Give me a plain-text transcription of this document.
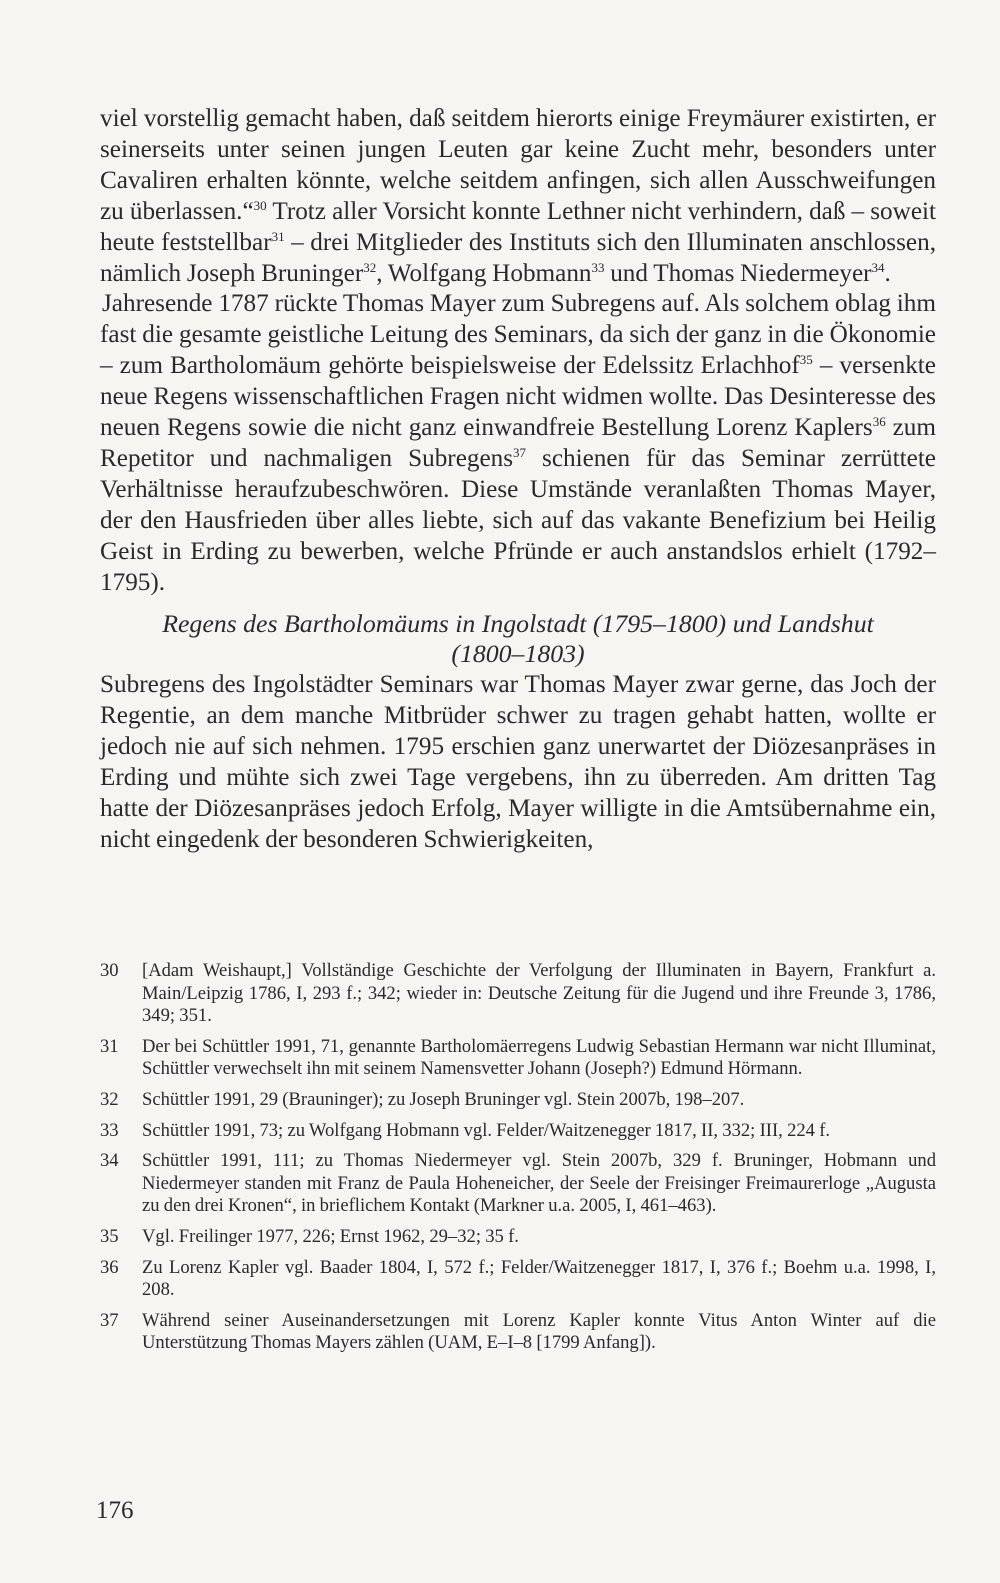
viel vorstellig gemacht haben, daß seitdem hierorts einige Freymäurer existirten, er seinerseits unter seinen jungen Leuten gar keine Zucht mehr, besonders unter Cavaliren erhalten könnte, welche seitdem anfingen, sich allen Ausschweifungen zu überlassen.“$^{30}$ Trotz aller Vorsicht konnte Lethner nicht verhindern, daß – soweit heute feststellbar$^{31}$ – drei Mitglieder des Instituts sich den Illuminaten anschlossen, nämlich Joseph Bruninger$^{32}$, Wolfgang Hobmann$^{33}$ und Thomas Niedermeyer$^{34}$.

Jahresende 1787 rückte Thomas Mayer zum Subregens auf. Als solchem oblag ihm fast die gesamte geistliche Leitung des Seminars, da sich der ganz in die Ökonomie – zum Bartholomäum gehörte beispielsweise der Edelssitz Erlachhof$^{35}$ – versenkte neue Regens wissenschaftlichen Fragen nicht widmen wollte. Das Desinteresse des neuen Regens sowie die nicht ganz einwandfreie Bestellung Lorenz Kaplers$^{36}$ zum Repetitor und nachmaligen Subregens$^{37}$ schienen für das Seminar zerrüttete Verhältnisse heraufzubeschwören. Diese Umstände veranlaßten Thomas Mayer, der den Hausfrieden über alles liebte, sich auf das vakante Benefizium bei Heilig Geist in Erding zu bewerben, welche Pfründe er auch anstandslos erhielt (1792–1795).

Regens des Bartholomäums in Ingolstadt (1795–1800) und Landshut
(1800–1803)

Subregens des Ingolstädter Seminars war Thomas Mayer zwar gerne, das Joch der Regentie, an dem manche Mitbrüder schwer zu tragen gehabt hatten, wollte er jedoch nie auf sich nehmen. 1795 erschien ganz unerwartet der Diözesanpräses in Erding und mühte sich zwei Tage vergebens, ihn zu überreden. Am dritten Tag hatte der Diözesanpräses jedoch Erfolg, Mayer willigte in die Amtsübernahme ein, nicht eingedenk der besonderen Schwierigkeiten,

30	[Adam Weishaupt,] Vollständige Geschichte der Verfolgung der Illuminaten in Bayern, Frankfurt a. Main/Leipzig 1786, I, 293 f.; 342; wieder in: Deutsche Zeitung für die Jugend und ihre Freunde 3, 1786, 349; 351.
31	Der bei Schüttler 1991, 71, genannte Bartholomäerregens Ludwig Sebastian Hermann war nicht Illuminat, Schüttler verwechselt ihn mit seinem Namensvetter Johann (Joseph?) Edmund Hörmann.
32	Schüttler 1991, 29 (Brauninger); zu Joseph Bruninger vgl. Stein 2007b, 198–207.
33	Schüttler 1991, 73; zu Wolfgang Hobmann vgl. Felder/Waitzenegger 1817, II, 332; III, 224 f.
34	Schüttler 1991, 111; zu Thomas Niedermeyer vgl. Stein 2007b, 329 f. Bruninger, Hobmann und Niedermeyer standen mit Franz de Paula Hoheneicher, der Seele der Freisinger Freimaurerloge „Augusta zu den drei Kronen“, in brieflichem Kontakt (Markner u.a. 2005, I, 461–463).
35	Vgl. Freilinger 1977, 226; Ernst 1962, 29–32; 35 f.
36	Zu Lorenz Kapler vgl. Baader 1804, I, 572 f.; Felder/Waitzenegger 1817, I, 376 f.; Boehm u.a. 1998, I, 208.
37	Während seiner Auseinandersetzungen mit Lorenz Kapler konnte Vitus Anton Winter auf die Unterstützung Thomas Mayers zählen (UAM, E–I–8 [1799 Anfang]).
176
